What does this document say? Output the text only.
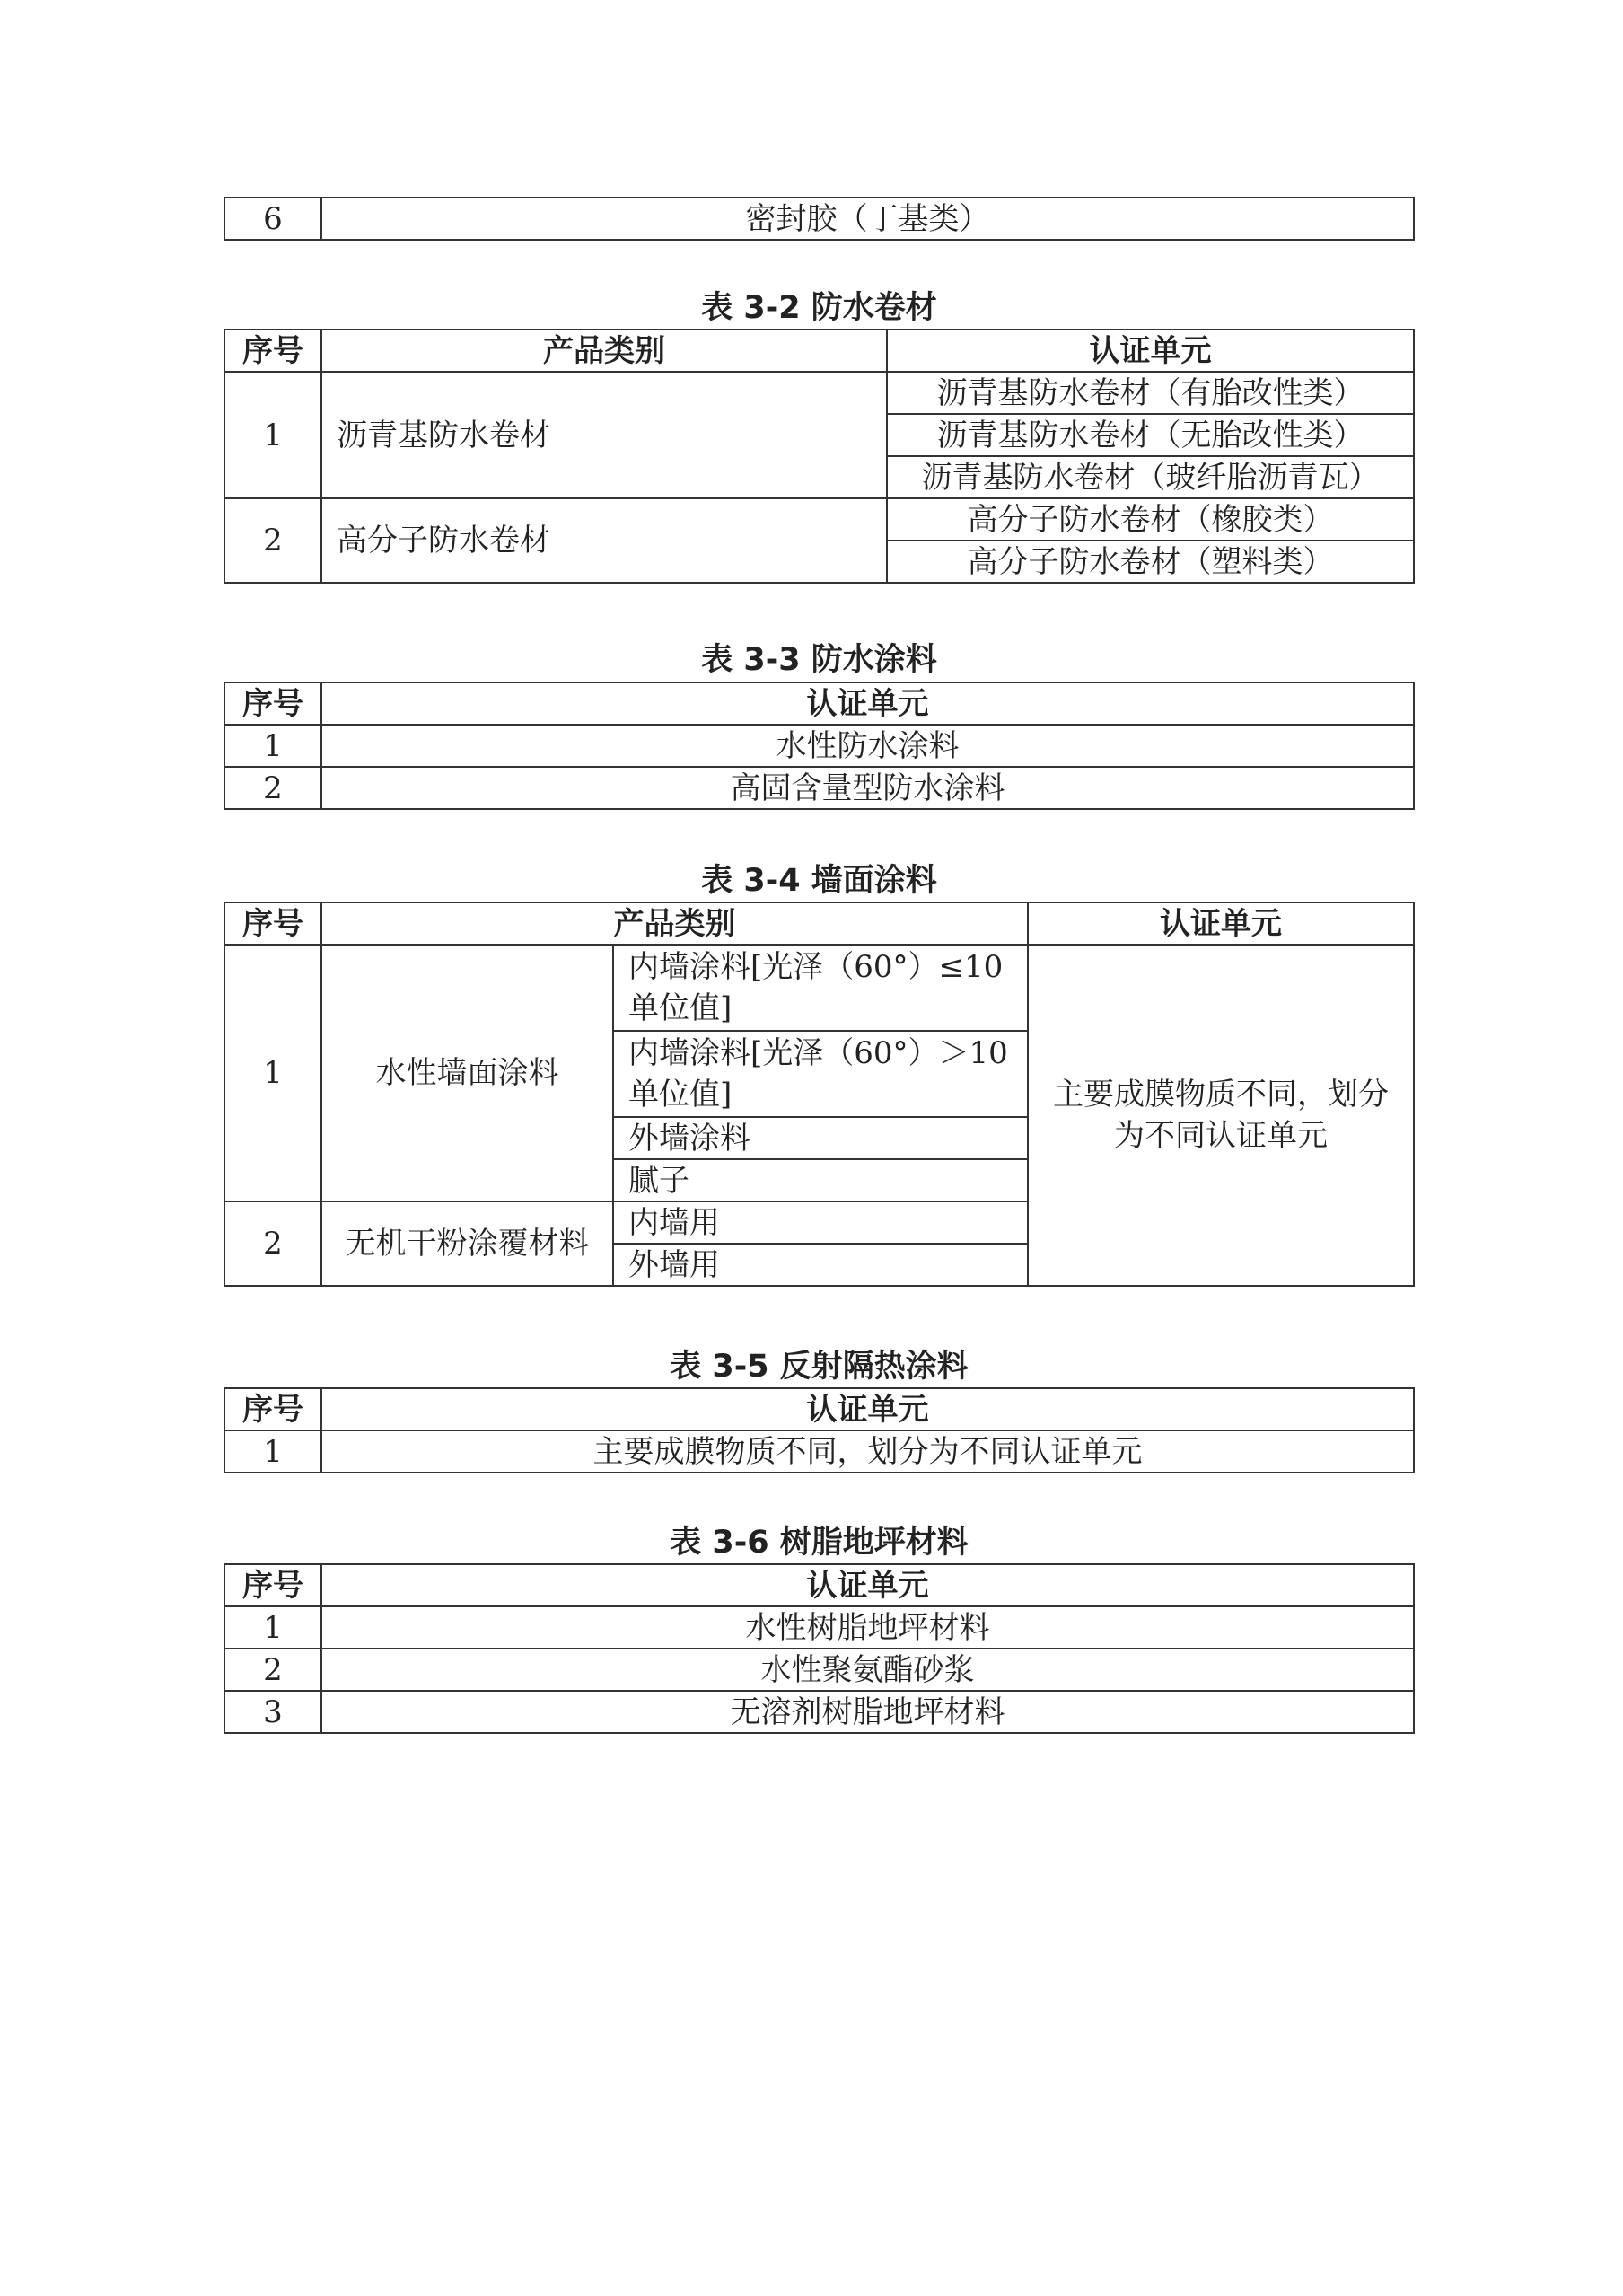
6	密封胶（丁基类）
表 3-2 防水卷材
序号	产品类别	认证单元
1	沥青基防水卷材	沥青基防水卷材（有胎改性类）
		沥青基防水卷材（无胎改性类）
		沥青基防水卷材（玻纤胎沥青瓦）
2	高分子防水卷材	高分子防水卷材（橡胶类）
		高分子防水卷材（塑料类）
表 3-3 防水涂料
序号	认证单元
1	水性防水涂料
2	高固含量型防水涂料
表 3-4 墙面涂料
序号	产品类别		认证单元
1	水性墙面涂料	内墙涂料[光泽（60°）≤10 单位值]	主要成膜物质不同，划分为不同认证单元
		内墙涂料[光泽（60°）＞10 单位值]	
		外墙涂料	
		腻子	
2	无机干粉涂覆材料	内墙用	
		外墙用	
表 3-5 反射隔热涂料
序号	认证单元
1	主要成膜物质不同，划分为不同认证单元
表 3-6 树脂地坪材料
序号	认证单元
1	水性树脂地坪材料
2	水性聚氨酯砂浆
3	无溶剂树脂地坪材料
